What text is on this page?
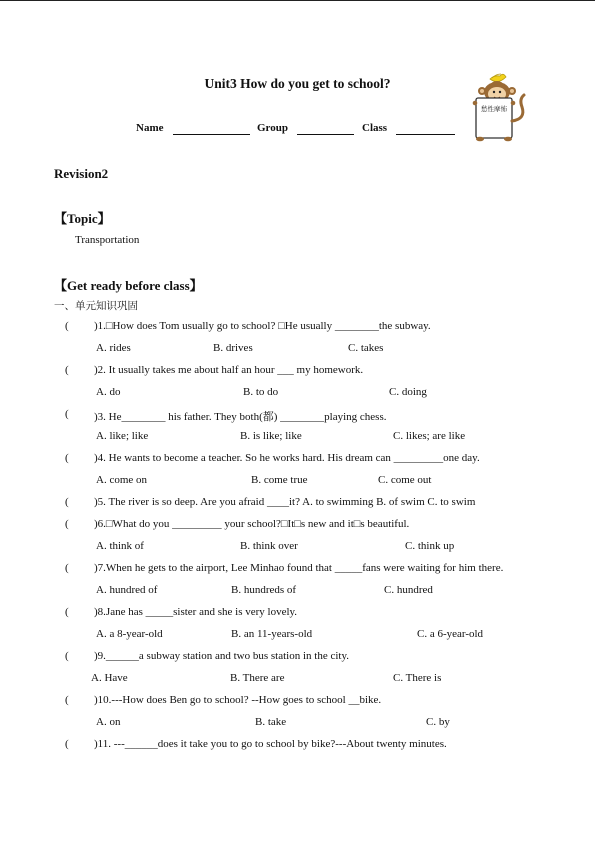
Unit3 How do you get to school?
Name	Group	Class
愁性摩怖
Revision2
【Topic】
Transportation
【Get ready before class】
一、单元知识巩固
( )1.□How does Tom usually go to school? □He usually ________the subway.
A. rides	B. drives	C. takes
( )2. It usually takes me about half an hour ___ my homework.
A. do	B. to do	C. doing
( )3. He________ his father. They both(都) ________playing chess.
A. like; like	B. is like; like	C. likes; are like
( )4. He wants to become a teacher. So he works hard. His dream can _________one day.
A. come on	B. come true	C. come out
( )5. The river is so deep. Are you afraid ____it? A. to swimming B. of swim C. to swim
( )6.□What do you _________ your school?□It□s new and it□s beautiful.
A. think of	B. think over	C. think up
( )7.When he gets to the airport, Lee Minhao found that _____fans were waiting for him there.
A. hundred of	B. hundreds of	C. hundred
( )8.Jane has _____sister and she is very lovely.
A. a 8-year-old	B. an 11-years-old	C. a 6-year-old
( )9.______a subway station and two bus station in the city.
A. Have	B. There are	C. There is
( )10.---How does Ben go to school? --How goes to school __bike.
A. on	B. take	C. by
( )11. ---______does it take you to go to school by bike?---About twenty minutes.
